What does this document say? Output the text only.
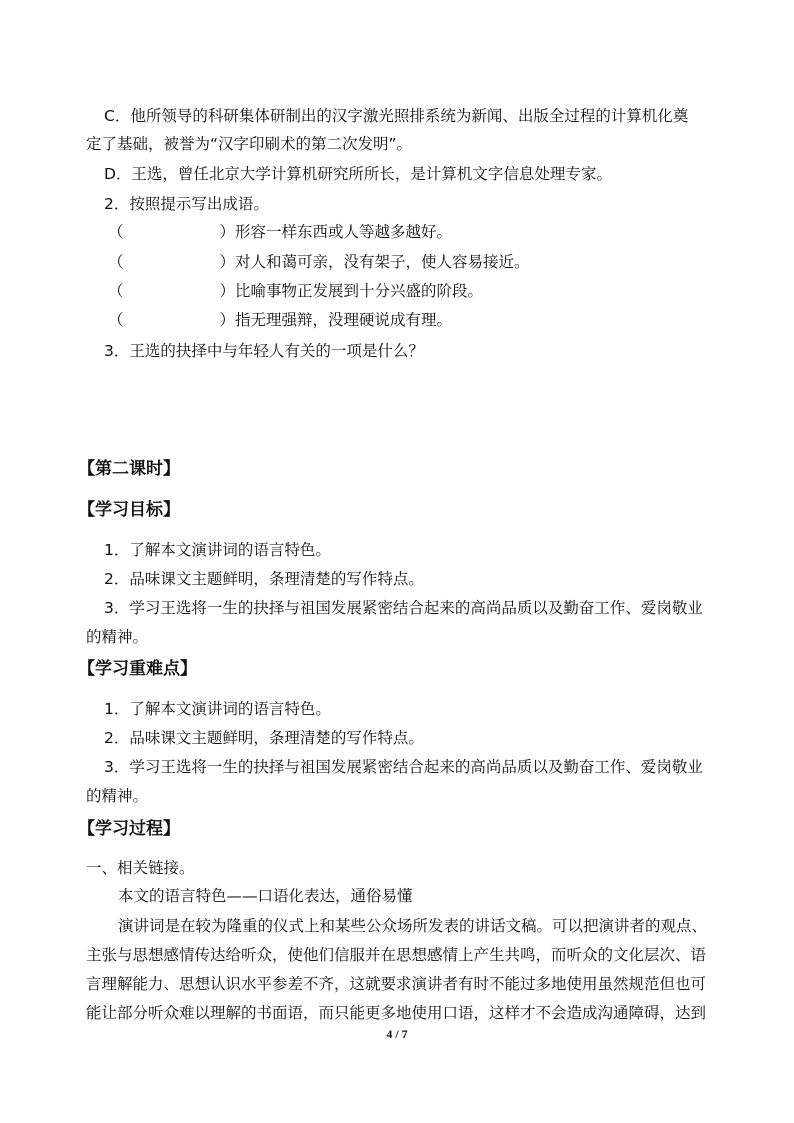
C．他所领导的科研集体研制出的汉字激光照排系统为新闻、出版全过程的计算机化奠
定了基础，被誉为“汉字印刷术的第二次发明”。
D．王选，曾任北京大学计算机研究所所长，是计算机文字信息处理专家。
2．按照提示写出成语。
（	）形容一样东西或人等越多越好。
（	）对人和蔼可亲，没有架子，使人容易接近。
（	）比喻事物正发展到十分兴盛的阶段。
（	）指无理强辩，没理硬说成有理。
3．王选的抉择中与年轻人有关的一项是什么？
【第二课时】
【学习目标】
1．了解本文演讲词的语言特色。
2．品味课文主题鲜明，条理清楚的写作特点。
3．学习王选将一生的抉择与祖国发展紧密结合起来的高尚品质以及勤奋工作、爱岗敬业
的精神。
【学习重难点】
1．了解本文演讲词的语言特色。
2．品味课文主题鲜明，条理清楚的写作特点。
3．学习王选将一生的抉择与祖国发展紧密结合起来的高尚品质以及勤奋工作、爱岗敬业
的精神。
【学习过程】
一、相关链接。
本文的语言特色——口语化表达，通俗易懂
演讲词是在较为隆重的仪式上和某些公众场所发表的讲话文稿。可以把演讲者的观点、
主张与思想感情传达给听众，使他们信服并在思想感情上产生共鸣，而听众的文化层次、语
言理解能力、思想认识水平参差不齐，这就要求演讲者有时不能过多地使用虽然规范但也可
能让部分听众难以理解的书面语，而只能更多地使用口语，这样才不会造成沟通障碍，达到
4 / 7
